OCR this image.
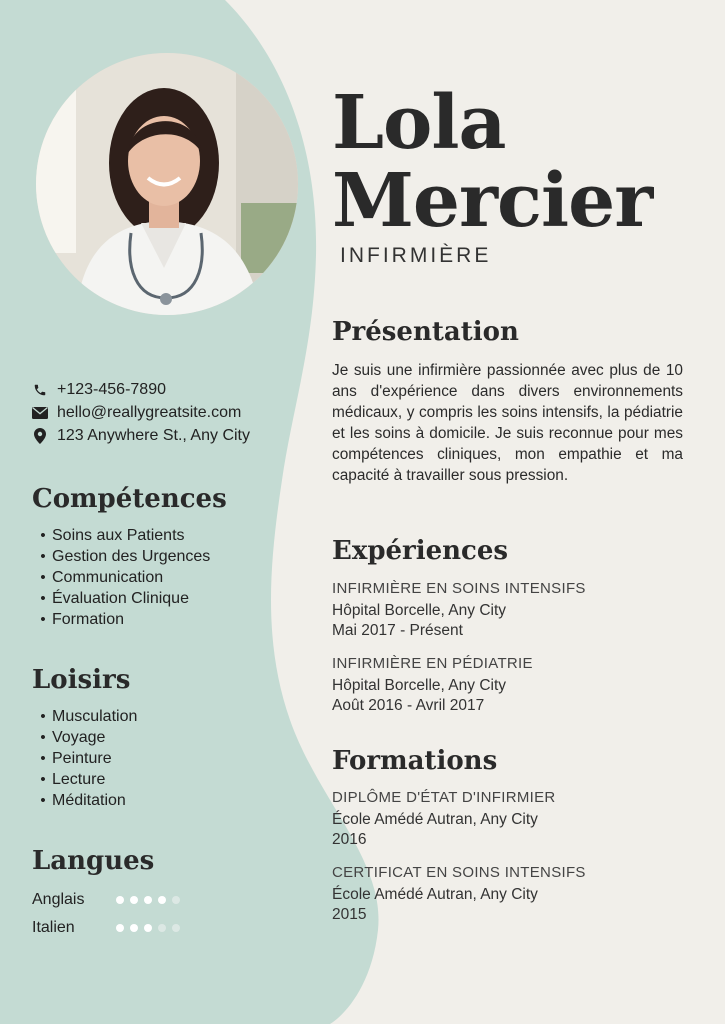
Lola
Mercier
INFIRMIÈRE
+123-456-7890
hello@reallygreatsite.com
123 Anywhere St., Any City
Compétences
• Soins aux Patients
• Gestion des Urgences
• Communication
• Évaluation Clinique
• Formation
Loisirs
• Musculation
• Voyage
• Peinture
• Lecture
• Méditation
Langues
Anglais
Italien
Présentation
Je suis une infirmière passionnée avec plus de 10 ans d'expérience dans divers environnements médicaux, y compris les soins intensifs, la pédiatrie et les soins à domicile. Je suis reconnue pour mes compétences cliniques, mon empathie et ma capacité à travailler sous pression.
Expériences
INFIRMIÈRE EN SOINS INTENSIFS
Hôpital Borcelle, Any City
Mai 2017 - Présent
INFIRMIÈRE EN PÉDIATRIE
Hôpital Borcelle, Any City
Août 2016 - Avril 2017
Formations
DIPLÔME D'ÉTAT D'INFIRMIER
École Amédé Autran, Any City
2016
CERTIFICAT EN SOINS INTENSIFS
École Amédé Autran, Any City
2015
